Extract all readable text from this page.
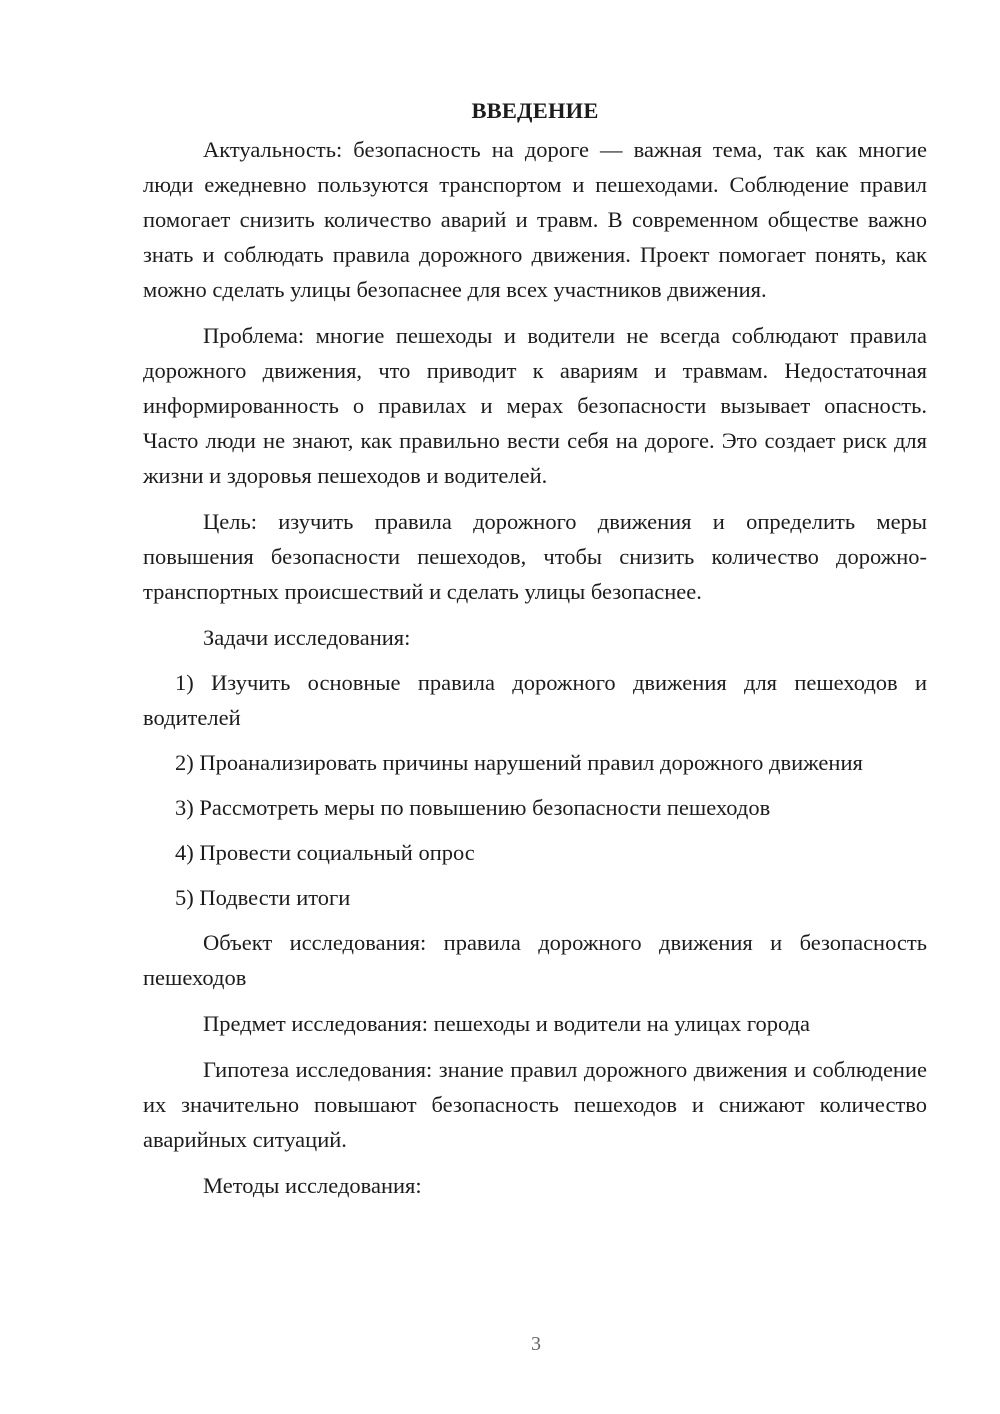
ВВЕДЕНИЕ

Актуальность: безопасность на дороге — важная тема, так как многие люди ежедневно пользуются транспортом и пешеходами. Соблюдение правил помогает снизить количество аварий и травм. В современном обществе важно знать и соблюдать правила дорожного движения. Проект помогает понять, как можно сделать улицы безопаснее для всех участников движения.

Проблема: многие пешеходы и водители не всегда соблюдают правила дорожного движения, что приводит к авариям и травмам. Недостаточная информированность о правилах и мерах безопасности вызывает опасность. Часто люди не знают, как правильно вести себя на дороге. Это создает риск для жизни и здоровья пешеходов и водителей.

Цель: изучить правила дорожного движения и определить меры повышения безопасности пешеходов, чтобы снизить количество дорожно-транспортных происшествий и сделать улицы безопаснее.

Задачи исследования:

1) Изучить основные правила дорожного движения для пешеходов и водителей
2) Проанализировать причины нарушений правил дорожного движения
3) Рассмотреть меры по повышению безопасности пешеходов
4) Провести социальный опрос
5) Подвести итоги

Объект исследования: правила дорожного движения и безопасность пешеходов

Предмет исследования: пешеходы и водители на улицах города

Гипотеза исследования: знание правил дорожного движения и соблюдение их значительно повышают безопасность пешеходов и снижают количество аварийных ситуаций.

Методы исследования:

3
